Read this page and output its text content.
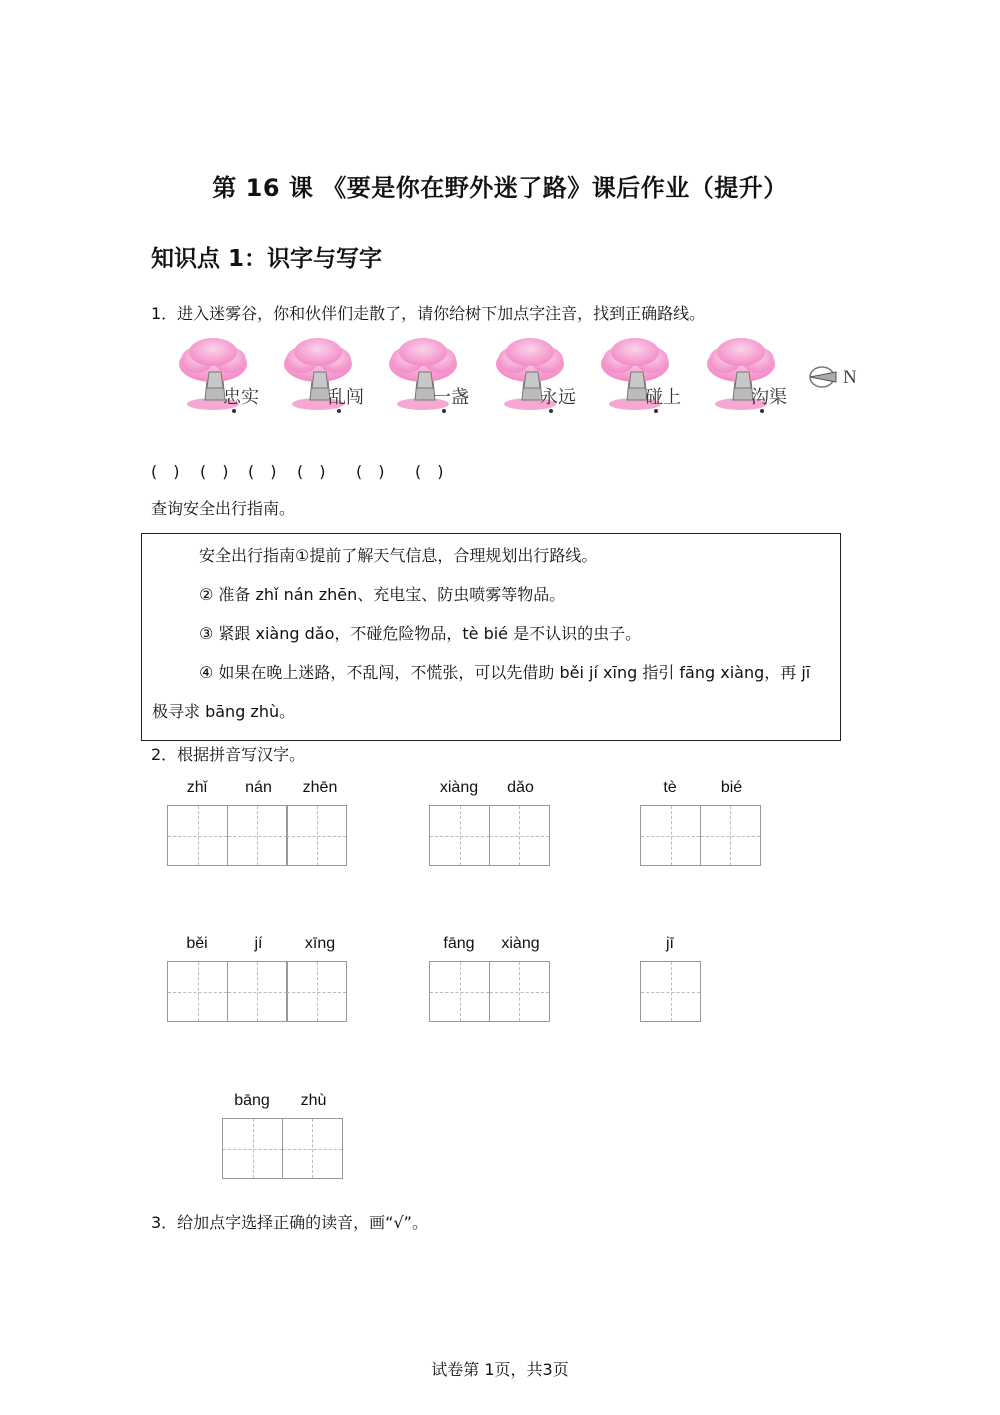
第 16 课 《要是你在野外迷了路》课后作业（提升）
知识点 1：识字与写字
1．进入迷雾谷，你和伙伴们走散了，请你给树下加点字注音，找到正确路线。
忠实	乱闯	一盏	永远	碰上	沟渠
N
( ) ( ) ( ) ( ) ( ) ( )
查询安全出行指南。
安全出行指南①提前了解天气信息，合理规划出行路线。
② 准备 zhǐ nán zhēn、充电宝、防虫喷雾等物品。
③ 紧跟 xiàng dǎo，不碰危险物品，tè bié 是不认识的虫子。
④ 如果在晚上迷路，不乱闯，不慌张，可以先借助 běi jí xīng 指引 fāng xiàng，再 jī
极寻求 bāng zhù。
2．根据拼音写汉字。
zhǐ	nán	zhēn	xiàng	dǎo	tè	bié
běi	jí	xīng	fāng	xiàng	jī
bāng	zhù
3．给加点字选择正确的读音，画“√”。
试卷第 1页，共3页
